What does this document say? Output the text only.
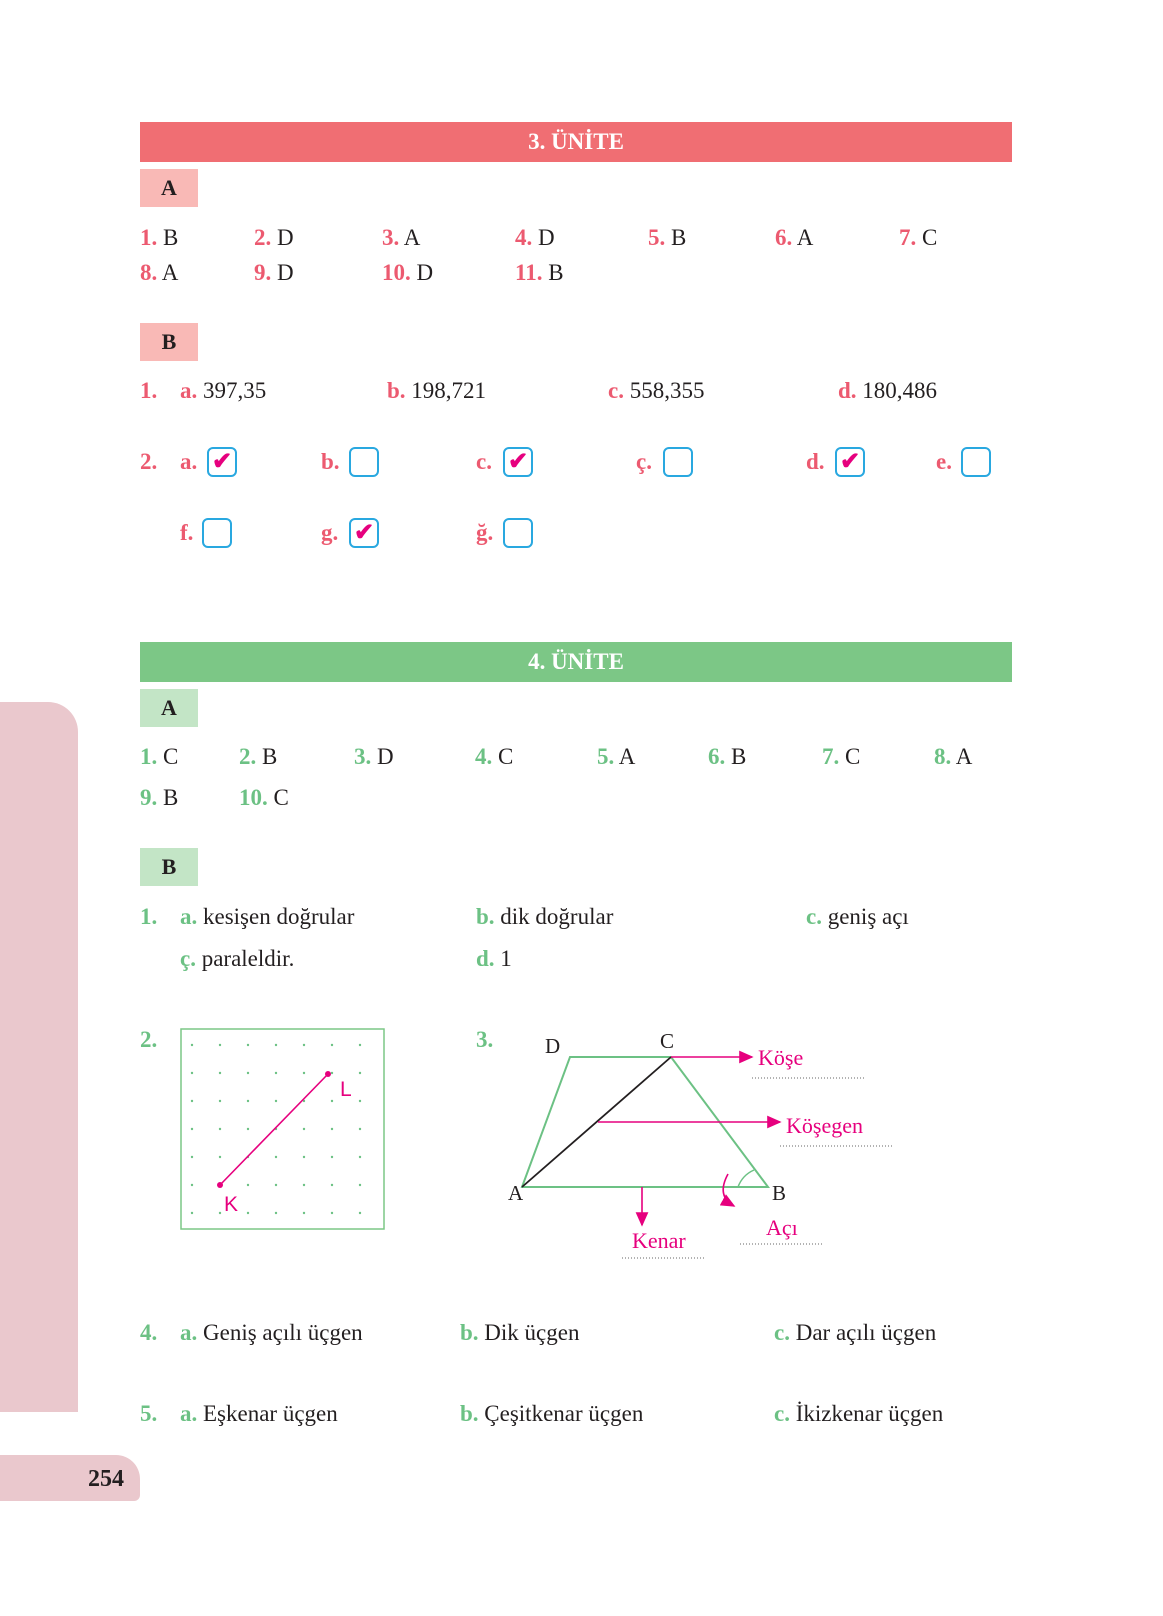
254
3. ÜNİTE
A
1. B	2. D	3. A	4. D	5. B	6. A	7. C
8. A	9. D	10. D	11. B
B
1. a. 397,35	b. 198,721	c. 558,355	d. 180,486
2. a. ✔	b.	c. ✔	ç.	d. ✔	e.
f.	g. ✔	ğ.
4. ÜNİTE
A
1. C	2. B	3. D	4. C	5. A	6. B	7. C	8. A
9. B	10. C
B
1. a. kesişen doğrular	b. dik doğrular	c. geniş açı
ç. paraleldir.	d. 1
2.
K
L
3.
A	B
C
D	Köşe
Köşegen
Kenar
Açı
4. a. Geniş açılı üçgen	b. Dik üçgen	c. Dar açılı üçgen
5. a. Eşkenar üçgen	b. Çeşitkenar üçgen	c. İkizkenar üçgen
